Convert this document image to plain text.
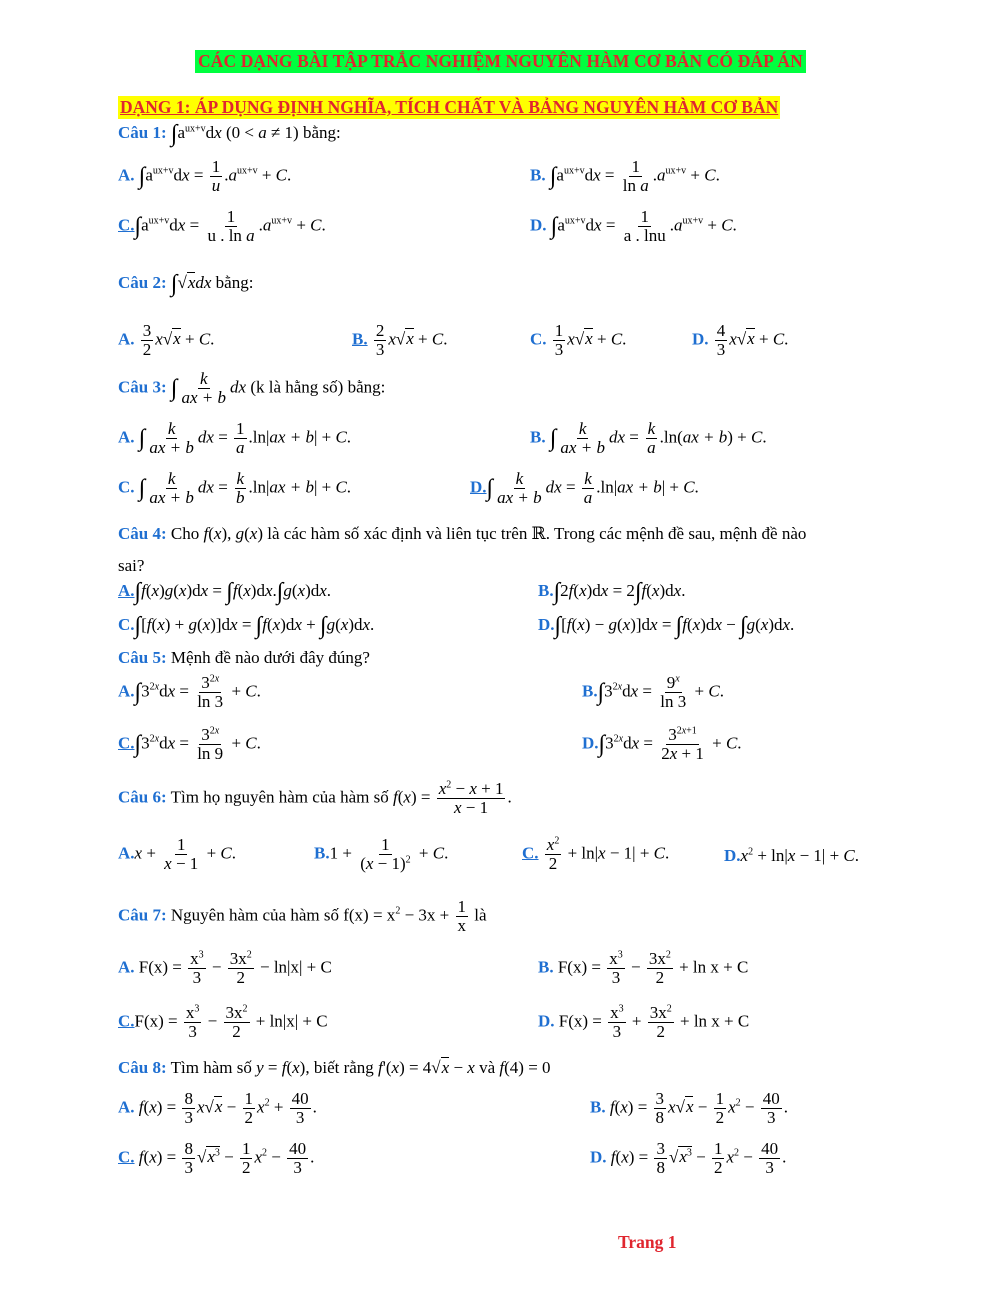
CÁC DẠNG BÀI TẬP TRẮC NGHIỆM NGUYÊN HÀM CƠ BẢN CÓ ĐÁP ÁN
DẠNG 1: ÁP DỤNG ĐỊNH NGHĨA, TÍCH CHẤT VÀ BẢNG NGUYÊN HÀM CƠ BẢN
Câu 1: $\int a^{ux+v}dx$ (0 < a ≠ 1) bằng:
A. $\int a^{ux+v}dx = \frac{1}{u} .a^{ux+v} + C$.	B. $\int a^{ux+v}dx = \frac{1}{\text{ln a}} .a^{ux+v} + C$.
$C.\int a^{ux+v}dx = \frac{1}{\text{u . ln a}} .a^{ux+v} + C$.	D. $\int a^{ux+v}dx = \frac{1}{a . \ln u} .a^{ux+v} + C$.
Câu 2: ∫√xdx bằng:
A. $\frac{3}{2} x√x + C$.	B. $\frac{2}{3} x√x + C$.	C. $\frac{1}{3} x√x + C$.	D. $\frac{4}{3} x√x + C$.
Câu 3: ∫ $\frac{k}{ax + b}$ dx (k là hằng số) bằng:
A. ∫ $\frac{k}{ax + b}$ dx = $\frac{1}{a} .\ln|ax + b| + C$.	B. ∫ $\frac{k}{ax + b}$ dx = $\frac{k}{a} .\ln(ax + b) + C$.
C. ∫ $\frac{k}{ax + b}$ dx = $\frac{k}{b} .\ln|ax + b| + C$.	$D.\int \frac{k}{ax + b}$ dx = $\frac{k}{a} .\ln|ax + b| + C$.
Câu 4: Cho f(x), g(x) là các hàm số xác định và liên tục trên ℝ. Trong các mệnh đề sau, mệnh đề nào
sai?
A.∫f(x)g(x)dx = ∫f(x)dx.∫g(x)dx.	B.∫2f(x)dx = 2∫f(x)dx.
C.∫[f(x) + g(x)]dx = ∫f(x)dx + ∫g(x)dx.	D.∫[f(x) − g(x)]dx = ∫f(x)dx − ∫g(x)dx.
Câu 5: Mệnh đề nào dưới đây đúng?
$A.\int 3^{2x}dx = \frac{3^{2x}}{\ln 3} + C$.	$B.\int 3^{2x}dx = \frac{9^x}{\ln 3} + C$.
$C.\int 3^{2x}dx = \frac{3^{2x}}{\ln 9} + C$.	$D.\int 3^{2x}dx = \frac{3^{2x+1}}{2x + 1} + C$.
Câu 6: Tìm họ nguyên hàm của hàm số $f(x) = \frac{x^2 - x + 1}{x - 1}$ .
$A.x + \frac{1}{x - 1} + C$.	$B.1 + \frac{1}{(x - 1)^2} + C$.	C. $\frac{x^2}{2} + \ln|x - 1| + C$.	$D.x^2 + \ln|x - 1| + C$.
Câu 7: Nguyên hàm của hàm số $f(x) = x^2 - 3x + \frac{1}{x}$ là
A. $F(x) = \frac{x^3}{3} - \frac{3x^2}{2} - \ln|x| + C$	B. $F(x) = \frac{x^3}{3} - \frac{3x^2}{2} + \ln x + C$
$C.F(x) = \frac{x^3}{3} - \frac{3x^2}{2} + \ln|x| + C$	D. $F(x) = \frac{x^3}{3} + \frac{3x^2}{2} + \ln x + C$
Câu 8: Tìm hàm số y = f(x), biết rằng f'(x) = 4√x − x và f(4) = 0
A. $f(x) = \frac{8}{3} x√x - \frac{1}{2} x^2 + \frac{40}{3}$ .	B. $f(x) = \frac{3}{8} x√x - \frac{1}{2} x^2 - \frac{40}{3}$ .
C. $f(x) = \frac{8}{3} √x^3 - \frac{1}{2} x^2 - \frac{40}{3}$ .	D. $f(x) = \frac{3}{8} √x^3 - \frac{1}{2} x^2 - \frac{40}{3}$ .
Trang 1
